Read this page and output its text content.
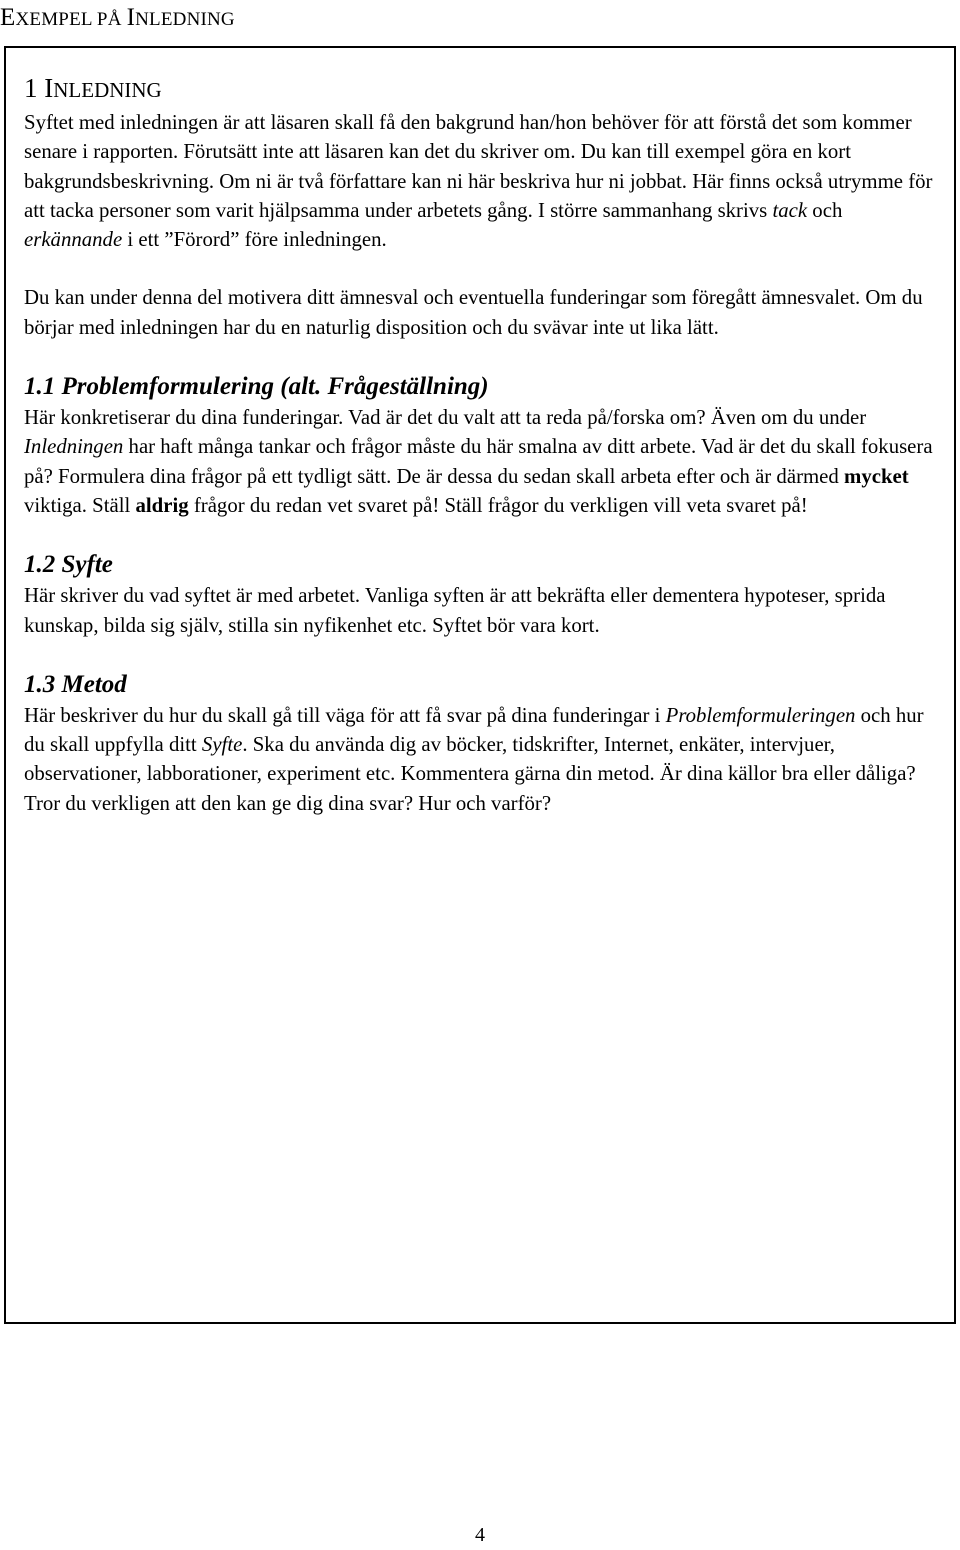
EXEMPEL PÅ INLEDNING
1 INLEDNING

Syftet med inledningen är att läsaren skall få den bakgrund han/hon behöver för att förstå det som kommer senare i rapporten. Förutsätt inte att läsaren kan det du skriver om. Du kan till exempel göra en kort bakgrundsbeskrivning. Om ni är två författare kan ni här beskriva hur ni jobbat. Här finns också utrymme för att tacka personer som varit hjälpsamma under arbetets gång. I större sammanhang skrivs tack och erkännande i ett ”Förord” före inledningen.

Du kan under denna del motivera ditt ämnesval och eventuella funderingar som föregått ämnesvalet. Om du börjar med inledningen har du en naturlig disposition och du svävar inte ut lika lätt.

1.1 Problemformulering (alt. Frågeställning)

Här konkretiserar du dina funderingar. Vad är det du valt att ta reda på/forska om? Även om du under Inledningen har haft många tankar och frågor måste du här smalna av ditt arbete. Vad är det du skall fokusera på? Formulera dina frågor på ett tydligt sätt. De är dessa du sedan skall arbeta efter och är därmed mycket viktiga. Ställ aldrig frågor du redan vet svaret på! Ställ frågor du verkligen vill veta svaret på!

1.2 Syfte

Här skriver du vad syftet är med arbetet. Vanliga syften är att bekräfta eller dementera hypoteser, sprida kunskap, bilda sig själv, stilla sin nyfikenhet etc. Syftet bör vara kort.

1.3 Metod

Här beskriver du hur du skall gå till väga för att få svar på dina funderingar i Problemformuleringen och hur du skall uppfylla ditt Syfte. Ska du använda dig av böcker, tidskrifter, Internet, enkäter, intervjuer, observationer, labborationer, experiment etc. Kommentera gärna din metod. Är dina källor bra eller dåliga? Tror du verkligen att den kan ge dig dina svar? Hur och varför?

4
